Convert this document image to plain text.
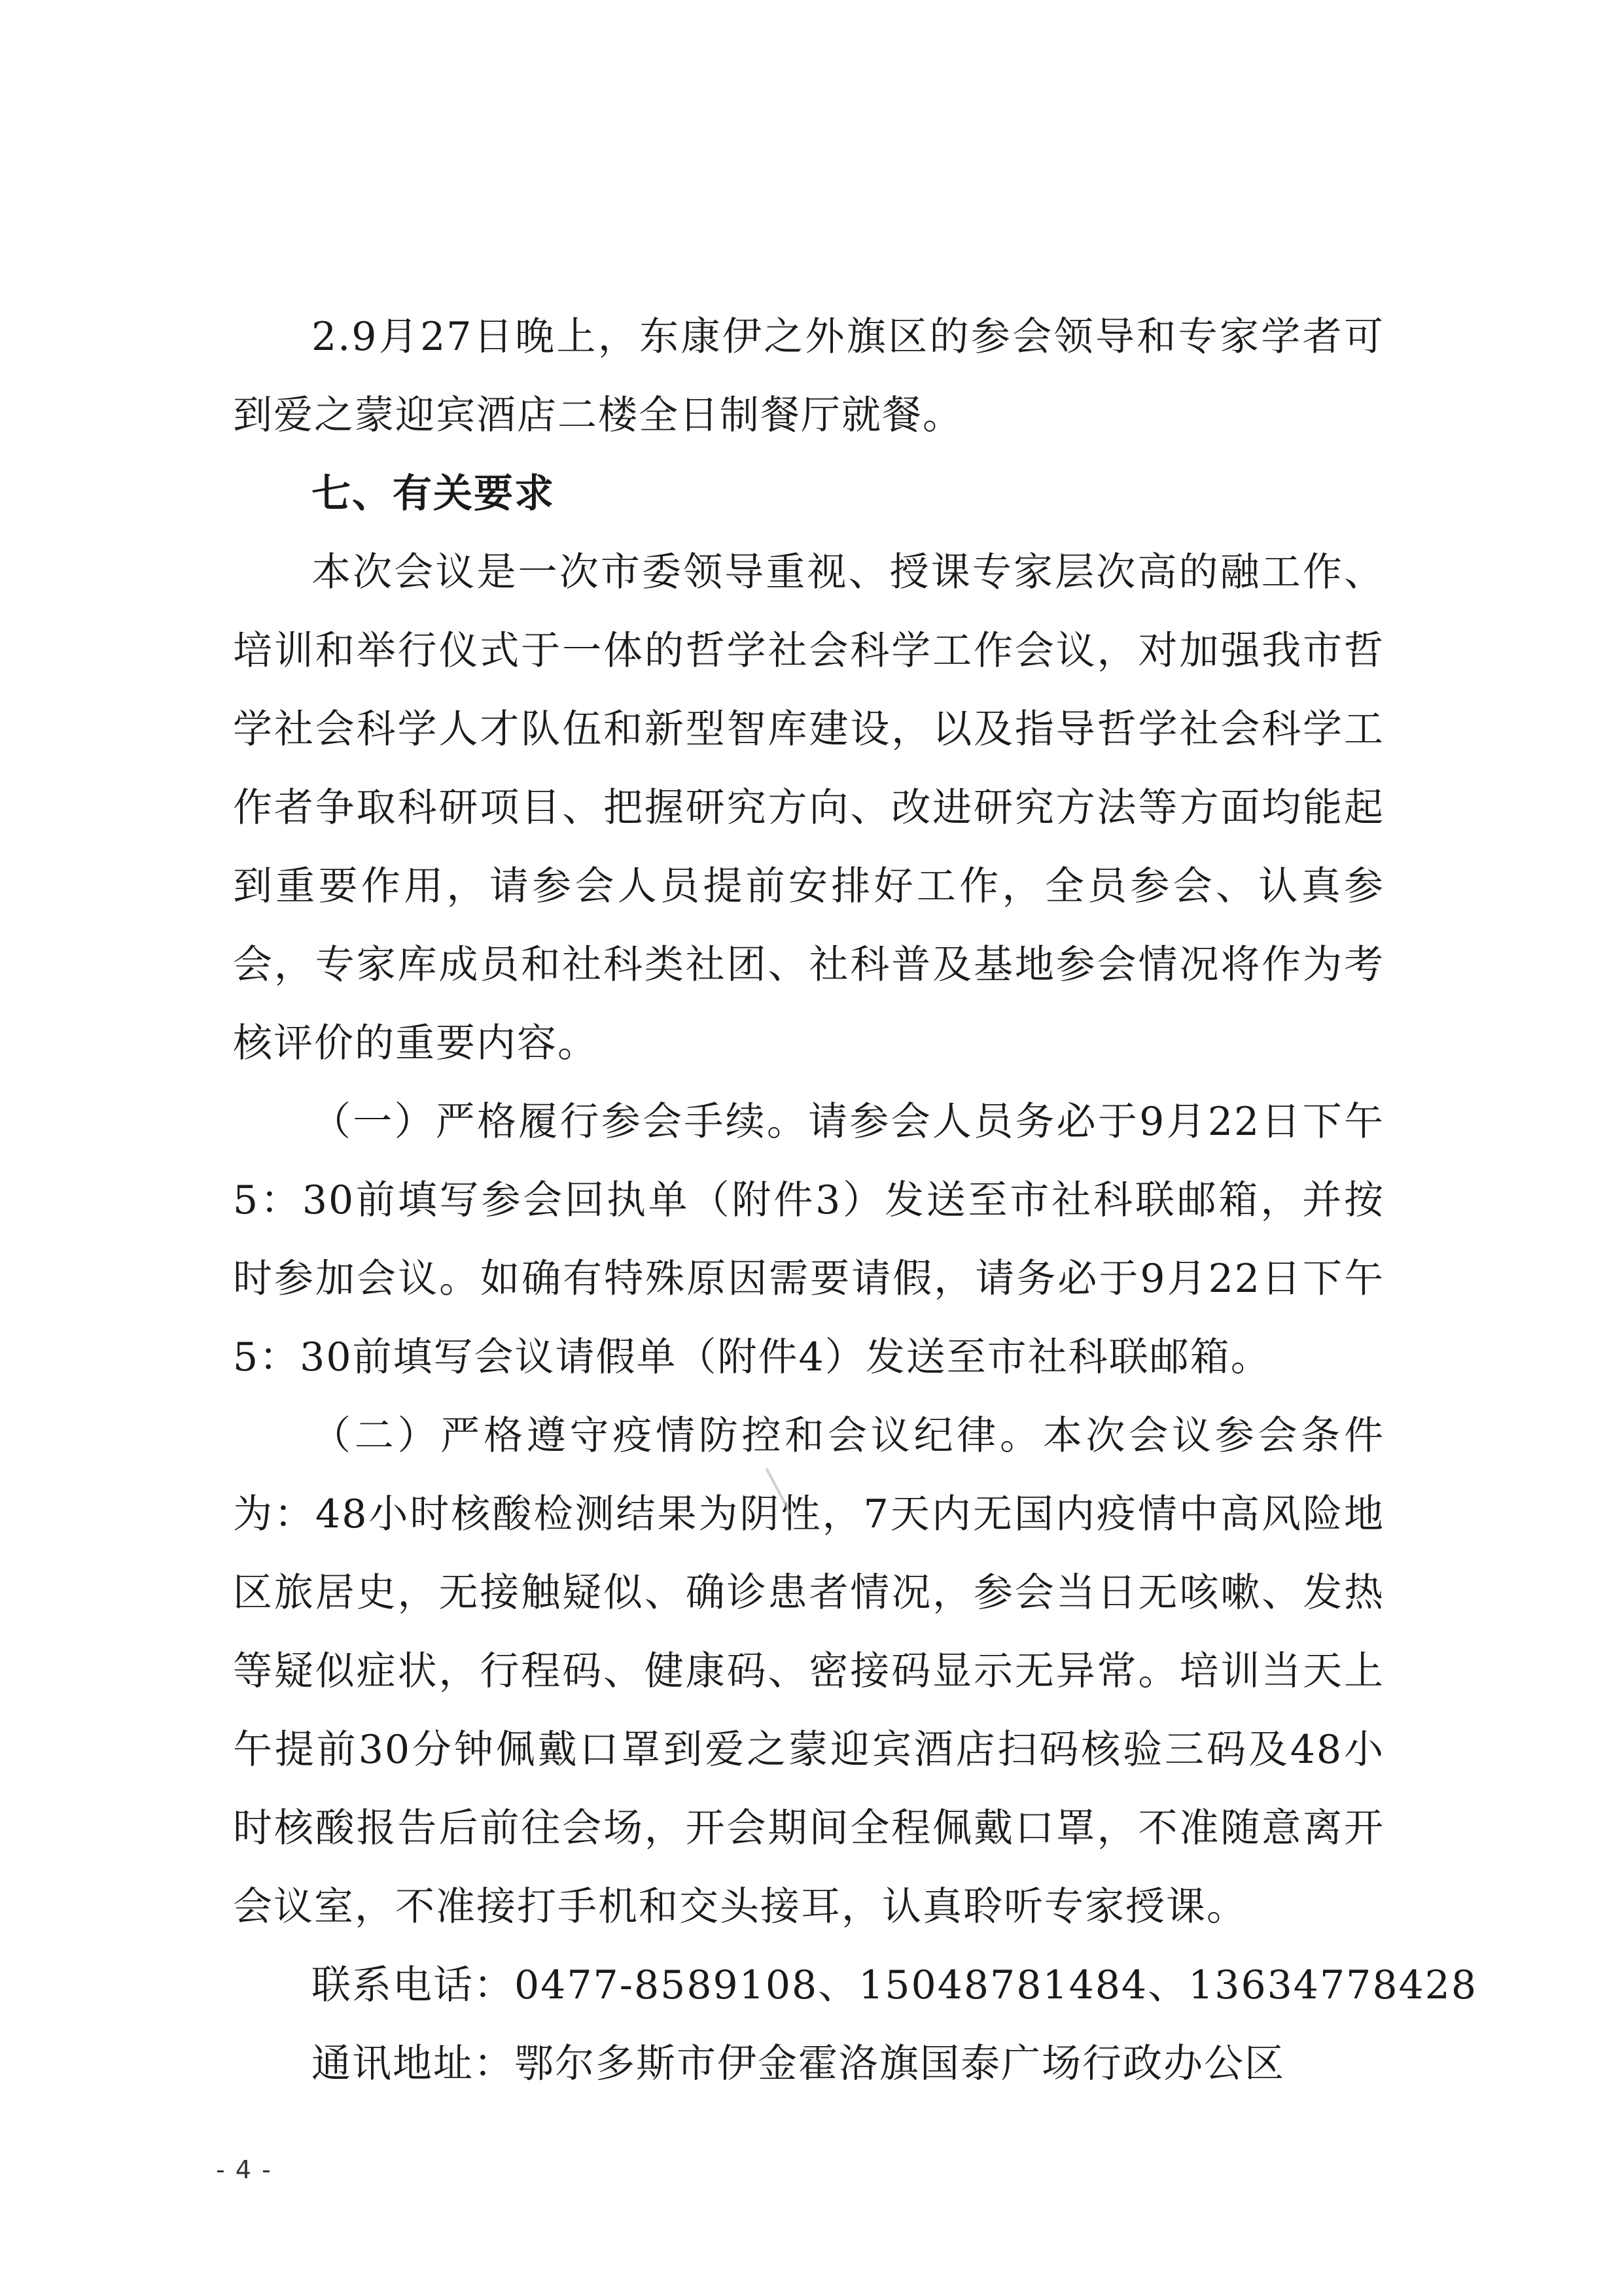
2.9月27日晚上，东康伊之外旗区的参会领导和专家学者可到爱之蒙迎宾酒店二楼全日制餐厅就餐。

七、有关要求

本次会议是一次市委领导重视、授课专家层次高的融工作、培训和举行仪式于一体的哲学社会科学工作会议，对加强我市哲学社会科学人才队伍和新型智库建设，以及指导哲学社会科学工作者争取科研项目、把握研究方向、改进研究方法等方面均能起到重要作用，请参会人员提前安排好工作，全员参会、认真参会，专家库成员和社科类社团、社科普及基地参会情况将作为考核评价的重要内容。

（一）严格履行参会手续。请参会人员务必于9月22日下午5：30前填写参会回执单（附件3）发送至市社科联邮箱，并按时参加会议。如确有特殊原因需要请假，请务必于9月22日下午5：30前填写会议请假单（附件4）发送至市社科联邮箱。

（二）严格遵守疫情防控和会议纪律。本次会议参会条件为：48小时核酸检测结果为阴性，7天内无国内疫情中高风险地区旅居史，无接触疑似、确诊患者情况，参会当日无咳嗽、发热等疑似症状，行程码、健康码、密接码显示无异常。培训当天上午提前30分钟佩戴口罩到爱之蒙迎宾酒店扫码核验三码及48小时核酸报告后前往会场，开会期间全程佩戴口罩，不准随意离开会议室，不准接打手机和交头接耳，认真聆听专家授课。

联系电话：0477-8589108、15048781484、13634778428

通讯地址：鄂尔多斯市伊金霍洛旗国泰广场行政办公区

- 4 -
